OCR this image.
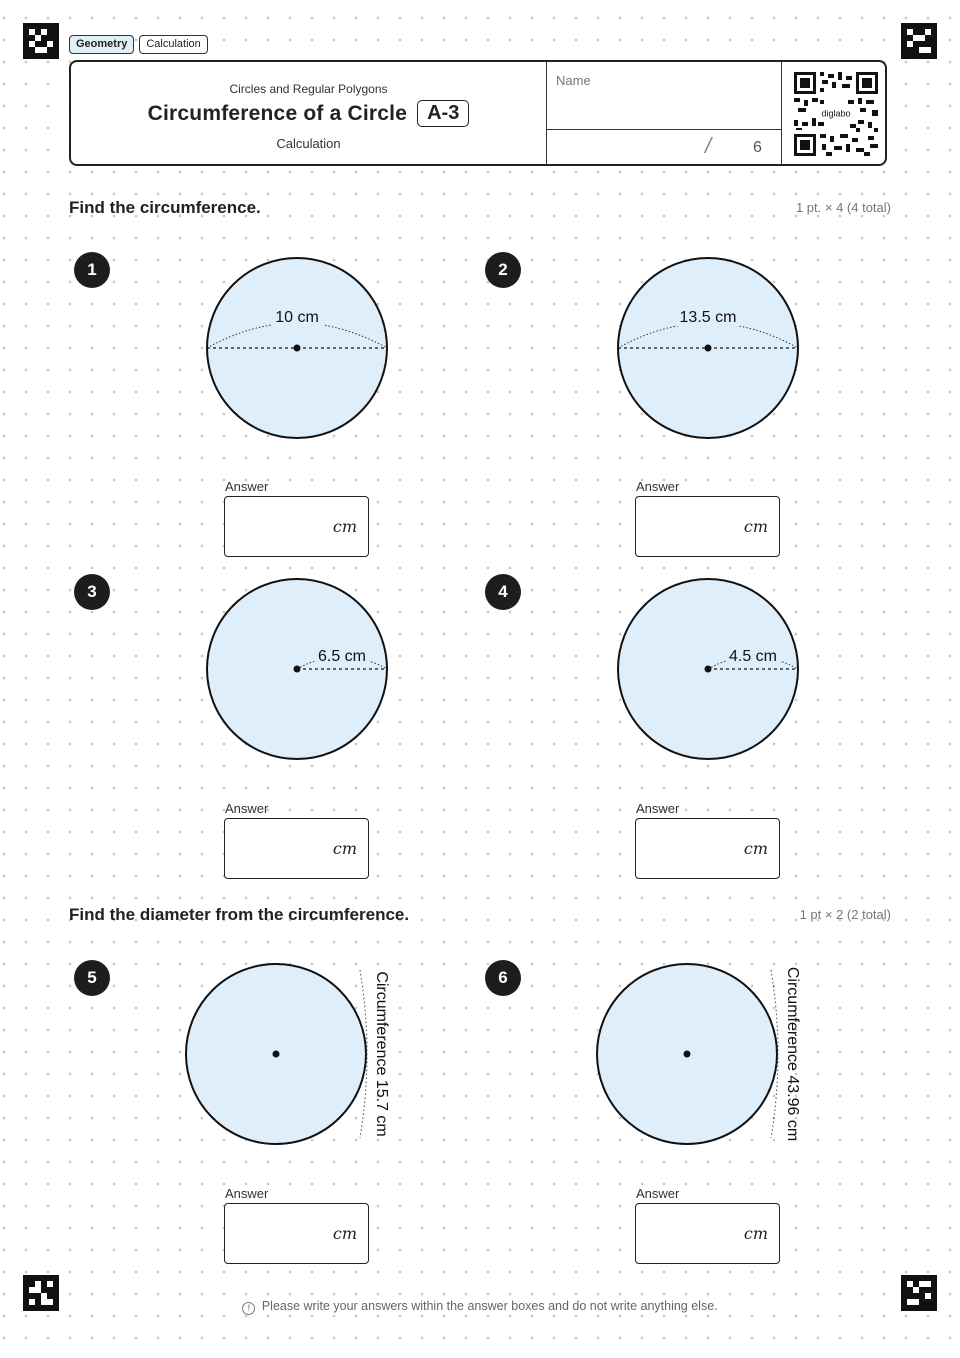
Geometry	Calculation
Circles and Regular Polygons
Circumference of a Circle	A-3
Calculation
Name
/	6
diglabo
Find the circumference.	1 pt. × 4 (4 total)
1
10 cm
Answer
cm
2
13.5 cm
Answer
cm
3
6.5 cm
Answer
cm
4
4.5 cm
Answer
cm
Find the diameter from the circumference.	1 pt × 2 (2 total)
5	Circumference 15.7 cm
Answer
cm
6	Circumference 43.96 cm
Answer
cm
! Please write your answers within the answer boxes and do not write anything else.
